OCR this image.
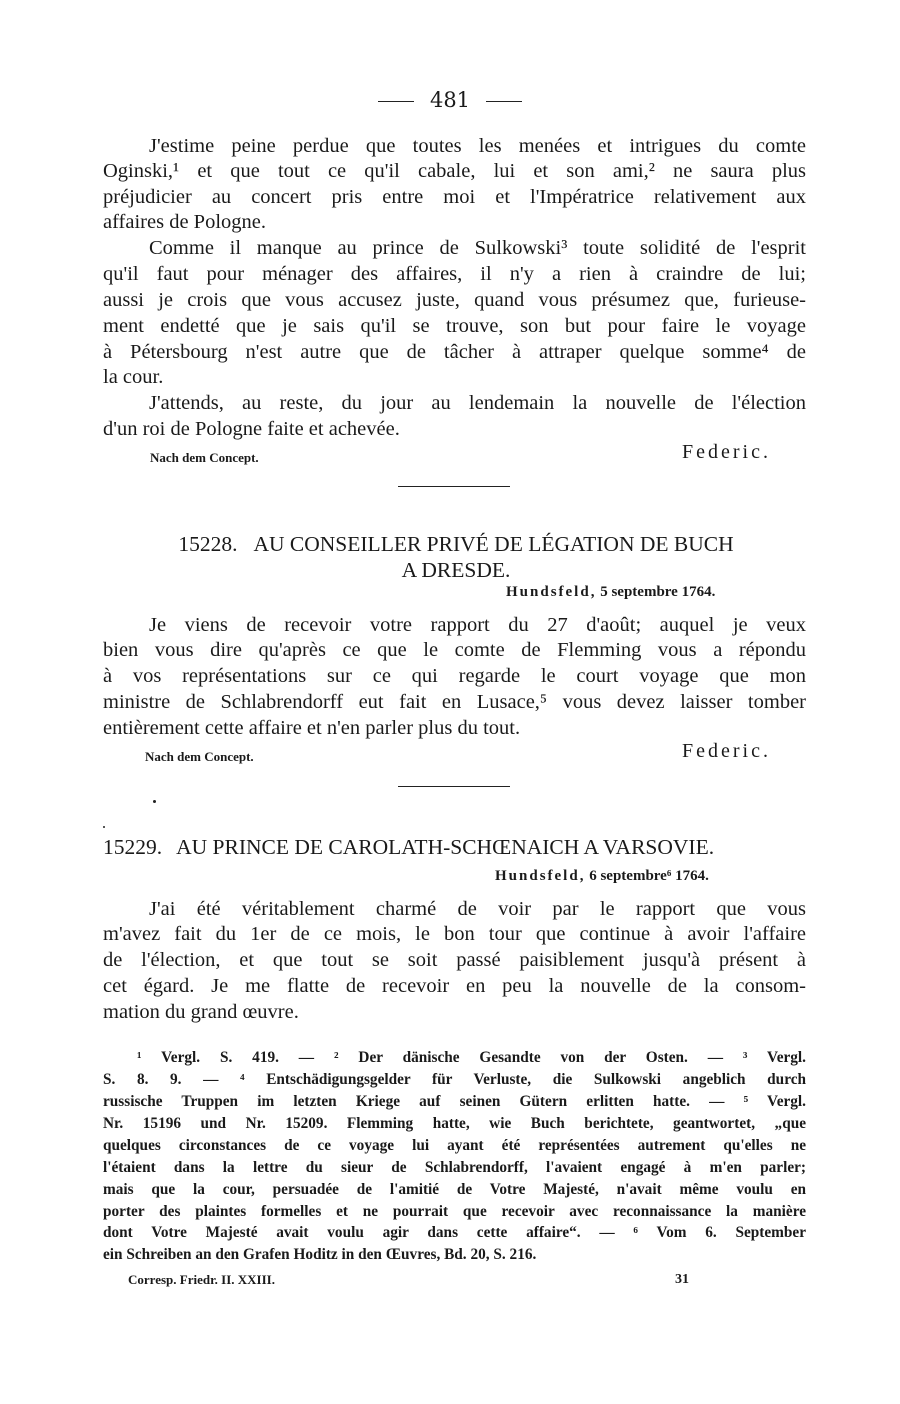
481
J'estime peine perdue que toutes les menées et intrigues du comte
Oginski,¹ et que tout ce qu'il cabale, lui et son ami,² ne saura plus
préjudicier au concert pris entre moi et l'Impératrice relativement aux
affaires de Pologne.
Comme il manque au prince de Sulkowski³ toute solidité de l'esprit
qu'il faut pour ménager des affaires, il n'y a rien à craindre de lui;
aussi je crois que vous accusez juste, quand vous présumez que, furieuse-
ment endetté que je sais qu'il se trouve, son but pour faire le voyage
à Pétersbourg n'est autre que de tâcher à attraper quelque somme⁴ de
la cour.
J'attends, au reste, du jour au lendemain la nouvelle de l'élection
d'un roi de Pologne faite et achevée.
Nach dem Concept.	Federic.
15228. AU CONSEILLER PRIVÉ DE LÉGATION DE BUCH
A DRESDE.
Hundsfeld, 5 septembre 1764.
Je viens de recevoir votre rapport du 27 d'août; auquel je veux
bien vous dire qu'après ce que le comte de Flemming vous a répondu
à vos représentations sur ce qui regarde le court voyage que mon
ministre de Schlabrendorff eut fait en Lusace,⁵ vous devez laisser tomber
entièrement cette affaire et n'en parler plus du tout.
Nach dem Concept.	Federic.
15229. AU PRINCE DE CAROLATH-SCHŒNAICH A VARSOVIE.
Hundsfeld, 6 septembre⁶ 1764.
J'ai été véritablement charmé de voir par le rapport que vous
m'avez fait du 1er de ce mois, le bon tour que continue à avoir l'affaire
de l'élection, et que tout se soit passé paisiblement jusqu'à présent à
cet égard. Je me flatte de recevoir en peu la nouvelle de la consom-
mation du grand œuvre.
¹ Vergl. S. 419. — ² Der dänische Gesandte von der Osten. — ³ Vergl.
S. 8. 9. — ⁴ Entschädigungsgelder für Verluste, die Sulkowski angeblich durch
russische Truppen im letzten Kriege auf seinen Gütern erlitten hatte. — ⁵ Vergl.
Nr. 15196 und Nr. 15209. Flemming hatte, wie Buch berichtete, geantwortet, „que
quelques circonstances de ce voyage lui ayant été représentées autrement qu'elles ne
l'étaient dans la lettre du sieur de Schlabrendorff, l'avaient engagé à m'en parler;
mais que la cour, persuadée de l'amitié de Votre Majesté, n'avait même voulu en
porter des plaintes formelles et ne pourrait que recevoir avec reconnaissance la manière
dont Votre Majesté avait voulu agir dans cette affaire“. — ⁶ Vom 6. September
ein Schreiben an den Grafen Hoditz in den Œuvres, Bd. 20, S. 216.
Corresp. Friedr. II. XXIII.	31
